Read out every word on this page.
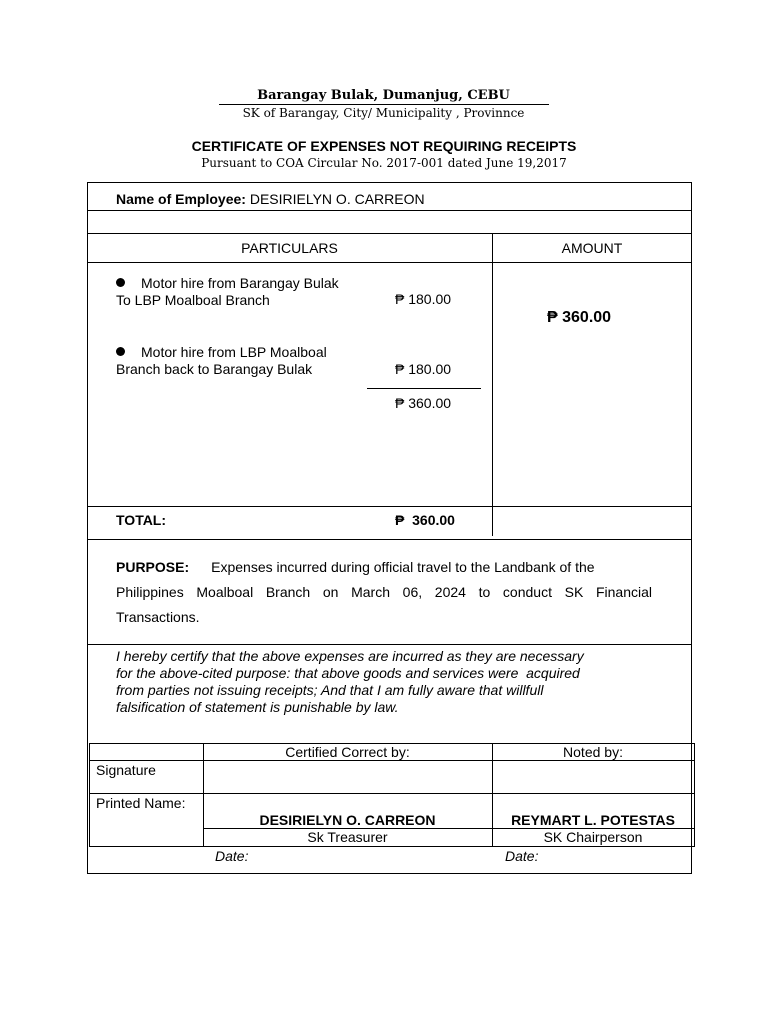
Barangay Bulak, Dumanjug, CEBU
SK of Barangay, City/ Municipality , Provinnce
CERTIFICATE OF EXPENSES NOT REQUIRING RECEIPTS
Pursuant to COA Circular No. 2017-001 dated June 19,2017
Name of Employee: DESIRIELYN O. CARREON
PARTICULARS	AMOUNT
Motor hire from Barangay Bulak
To LBP Moalboal Branch	₱ 180.00
Motor hire from LBP Moalboal
Branch back to Barangay Bulak	₱ 180.00
₱ 360.00
₱ 360.00
TOTAL:	₱  360.00
PURPOSE: Expenses incurred during official travel to the Landbank of the
Philippines Moalboal Branch on March 06, 2024 to conduct SK Financial
Transactions.
I hereby certify that the above expenses are incurred as they are necessary
for the above-cited purpose: that above goods and services were  acquired
from parties not issuing receipts; And that I am fully aware that willfull
falsification of statement is punishable by law.
Certified Correct by:	Noted by:
Signature
Printed Name:
DESIRIELYN O. CARREON	REYMART L. POTESTAS
Sk Treasurer	SK Chairperson
Date:	Date:
